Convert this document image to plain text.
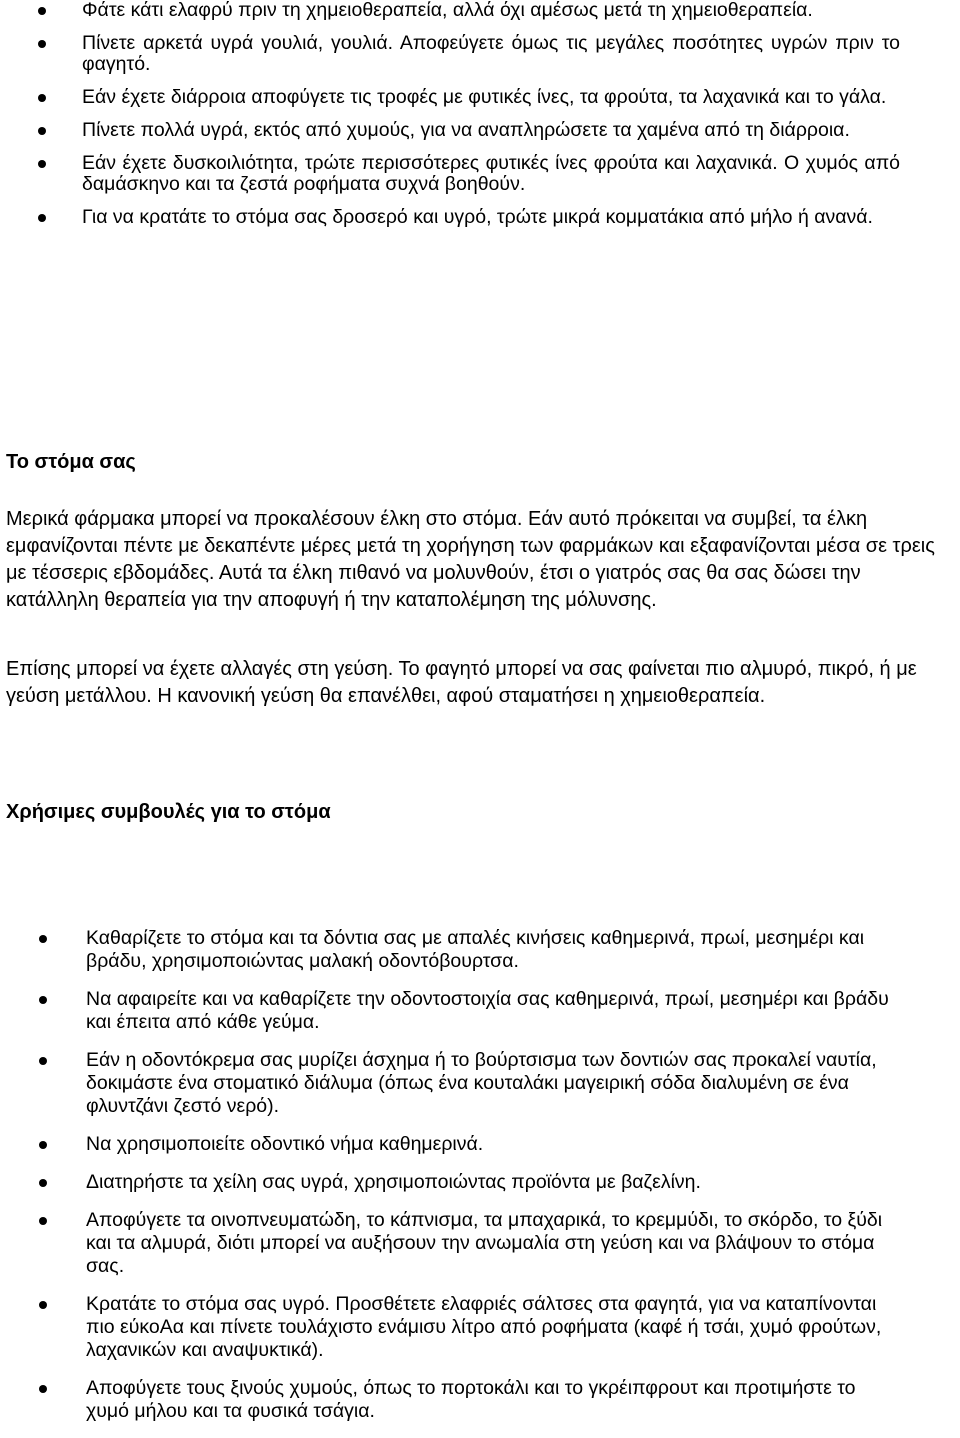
Φάτε κάτι ελαφρύ πριν τη χημειοθεραπεία, αλλά όχι αμέσως μετά τη χημειοθεραπεία.
Πίνετε αρκετά υγρά γουλιά, γουλιά. Αποφεύγετε όμως τις μεγάλες ποσότητες υγρών πριν το φαγητό.
Εάν έχετε διάρροια αποφύγετε τις τροφές με φυτικές ίνες, τα φρούτα, τα λαχανικά και το γάλα.
Πίνετε πολλά υγρά, εκτός από χυμούς, για να αναπληρώσετε τα χαμένα από τη διάρροια.
Εάν έχετε δυσκοιλιότητα, τρώτε περισσότερες φυτικές ίνες φρούτα και λαχανικά. Ο χυμός από δαμάσκηνο και τα ζεστά ροφήματα συχνά βοηθούν.
Για να κρατάτε το στόμα σας δροσερό και υγρό, τρώτε μικρά κομματάκια από μήλο ή ανανά.
Το στόμα σας

Μερικά φάρμακα μπορεί να προκαλέσουν έλκη στο στόμα. Εάν αυτό πρόκειται να συμβεί, τα έλκη εμφανίζονται πέντε με δεκαπέντε μέρες μετά τη χορήγηση των φαρμάκων και εξαφανίζονται μέσα σε τρεις με τέσσερις εβδομάδες. Αυτά τα έλκη πιθανό να μολυνθούν, έτσι ο γιατρός σας θα σας δώσει την κατάλληλη θεραπεία για την αποφυγή ή την καταπολέμηση της μόλυνσης.

Επίσης μπορεί να έχετε αλλαγές στη γεύση. Το φαγητό μπορεί να σας φαίνεται πιο αλμυρό, πικρό, ή με γεύση μετάλλου. Η κανονική γεύση θα επανέλθει, αφού σταματήσει η χημειοθεραπεία.

Χρήσιμες συμβουλές για το στόμα
Καθαρίζετε το στόμα και τα δόντια σας με απαλές κινήσεις καθημερινά, πρωί, μεσημέρι και βράδυ, χρησιμοποιώντας μαλακή οδοντόβουρτσα.
Να αφαιρείτε και να καθαρίζετε την οδοντοστοιχία σας καθημερινά, πρωί, μεσημέρι και βράδυ και έπειτα από κάθε γεύμα.
Εάν η οδοντόκρεμα σας μυρίζει άσχημα ή το βούρτσισμα των δοντιών σας προκαλεί ναυτία, δοκιμάστε ένα στοματικό διάλυμα (όπως ένα κουταλάκι μαγειρική σόδα διαλυμένη σε ένα φλυντζάνι ζεστό νερό).
Να χρησιμοποιείτε οδοντικό νήμα καθημερινά.
Διατηρήστε τα χείλη σας υγρά, χρησιμοποιώντας προϊόντα με βαζελίνη.
Αποφύγετε τα οινοπνευματώδη, το κάπνισμα, τα μπαχαρικά, το κρεμμύδι, το σκόρδο, το ξύδι και τα αλμυρά, διότι μπορεί να αυξήσουν την ανωμαλία στη γεύση και να βλάψουν το στόμα σας.
Κρατάτε το στόμα σας υγρό. Προσθέτετε ελαφριές σάλτσες στα φαγητά, για να καταπίνονται πιο εύκοΑα και πίνετε τουλάχιστο ενάμισυ λίτρο από ροφήματα (καφέ ή τσάι, χυμό φρούτων, λαχανικών και αναψυκτικά).
Αποφύγετε τους ξινούς χυμούς, όπως το πορτοκάλι και το γκρέιπφρουτ και προτιμήστε το χυμό μήλου και τα φυσικά τσάγια.
